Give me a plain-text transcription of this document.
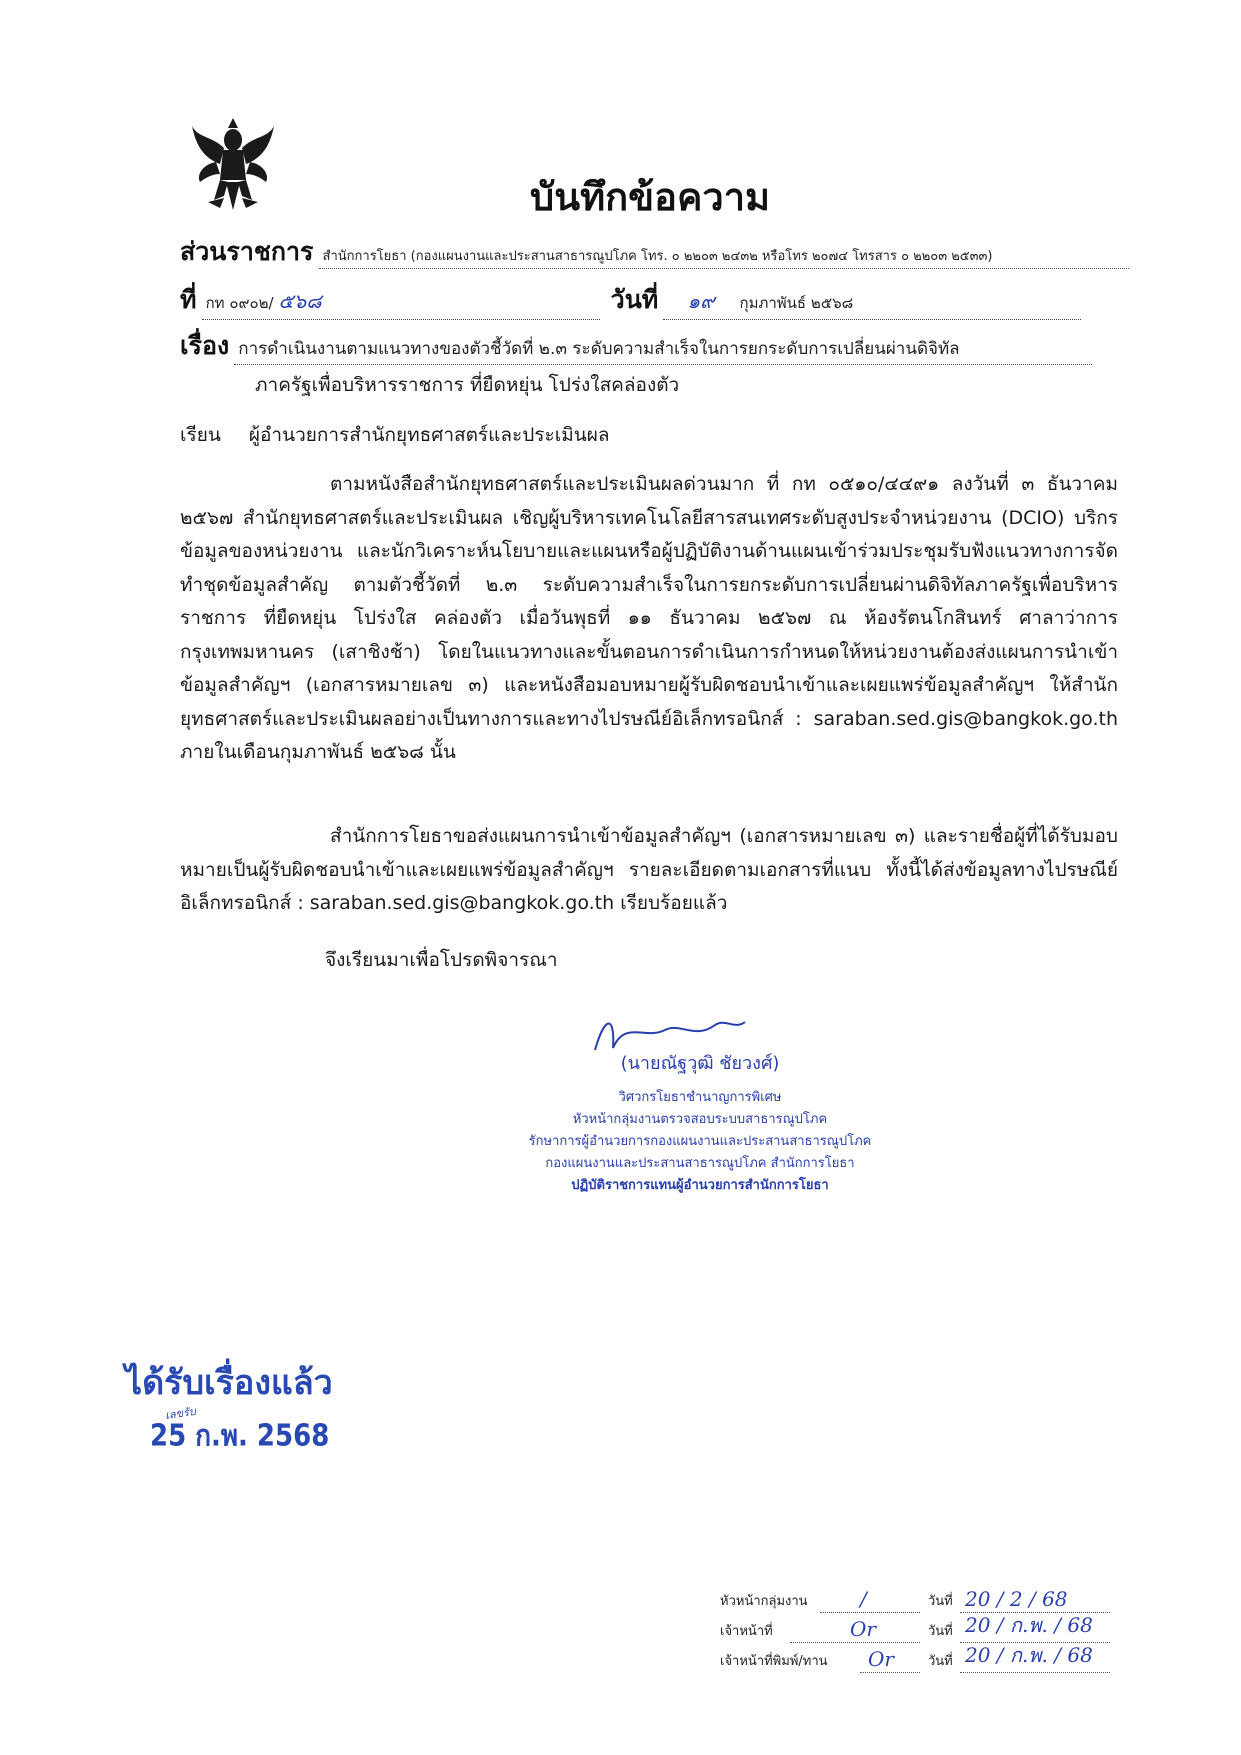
บันทึกข้อความ
ส่วนราชการ สำนักการโยธา (กองแผนงานและประสานสาธารณูปโภค โทร. ๐ ๒๒๐๓ ๒๔๓๒ หรือโทร ๒๐๗๔ โทรสาร ๐ ๒๒๐๓ ๒๕๓๓)
ที่ กท ๐๙๐๒/ ๕๖๘	วันที่ ๑๙ กุมภาพันธ์ ๒๕๖๘
เรื่อง การดำเนินงานตามแนวทางของตัวชี้วัดที่ ๒.๓ ระดับความสำเร็จในการยกระดับการเปลี่ยนผ่านดิจิทัล
ภาครัฐเพื่อบริหารราชการ ที่ยืดหยุ่น โปร่งใสคล่องตัว
เรียน ผู้อำนวยการสำนักยุทธศาสตร์และประเมินผล

ตามหนังสือสำนักยุทธศาสตร์และประเมินผลด่วนมาก ที่ กท ๐๕๑๐/๔๔๙๑ ลงวันที่ ๓ ธันวาคม ๒๕๖๗ สำนักยุทธศาสตร์และประเมินผล เชิญผู้บริหารเทคโนโลยีสารสนเทศระดับสูงประจำหน่วยงาน (DCIO) บริกรข้อมูลของหน่วยงาน และนักวิเคราะห์นโยบายและแผนหรือผู้ปฏิบัติงานด้านแผนเข้าร่วมประชุมรับฟังแนวทางการจัดทำชุดข้อมูลสำคัญ ตามตัวชี้วัดที่ ๒.๓ ระดับความสำเร็จในการยกระดับการเปลี่ยนผ่านดิจิทัลภาครัฐเพื่อบริหารราชการ ที่ยืดหยุ่น โปร่งใส คล่องตัว เมื่อวันพุธที่ ๑๑ ธันวาคม ๒๕๖๗ ณ ห้องรัตนโกสินทร์ ศาลาว่าการกรุงเทพมหานคร (เสาชิงช้า) โดยในแนวทางและขั้นตอนการดำเนินการกำหนดให้หน่วยงานต้องส่งแผนการนำเข้าข้อมูลสำคัญฯ (เอกสารหมายเลข ๓) และหนังสือมอบหมายผู้รับผิดชอบนำเข้าและเผยแพร่ข้อมูลสำคัญฯ ให้สำนักยุทธศาสตร์และประเมินผลอย่างเป็นทางการและทางไปรษณีย์อิเล็กทรอนิกส์ : saraban.sed.gis@bangkok.go.th ภายในเดือนกุมภาพันธ์ ๒๕๖๘ นั้น

สำนักการโยธาขอส่งแผนการนำเข้าข้อมูลสำคัญฯ (เอกสารหมายเลข ๓) และรายชื่อผู้ที่ได้รับมอบหมายเป็นผู้รับผิดชอบนำเข้าและเผยแพร่ข้อมูลสำคัญฯ รายละเอียดตามเอกสารที่แนบ ทั้งนี้ได้ส่งข้อมูลทางไปรษณีย์อิเล็กทรอนิกส์ : saraban.sed.gis@bangkok.go.th เรียบร้อยแล้ว

จึงเรียนมาเพื่อโปรดพิจารณา
(นายณัฐวุฒิ ชัยวงศ์)
วิศวกรโยธาชำนาญการพิเศษ
หัวหน้ากลุ่มงานตรวจสอบระบบสาธารณูปโภค
รักษาการผู้อำนวยการกองแผนงานและประสานสาธารณูปโภค
กองแผนงานและประสานสาธารณูปโภค สำนักการโยธา
ปฏิบัติราชการแทนผู้อำนวยการสำนักการโยธา
ได้รับเรื่องแล้ว
เลขรับ
25 ก.พ. 2568
หัวหน้ากลุ่มงาน	/	วันที่ 20 / 2 / 68
เจ้าหน้าที่	Or	วันที่ 20 / ก.พ. / 68
เจ้าหน้าที่พิมพ์/ทาน Or	วันที่ 20 / ก.พ. / 68
